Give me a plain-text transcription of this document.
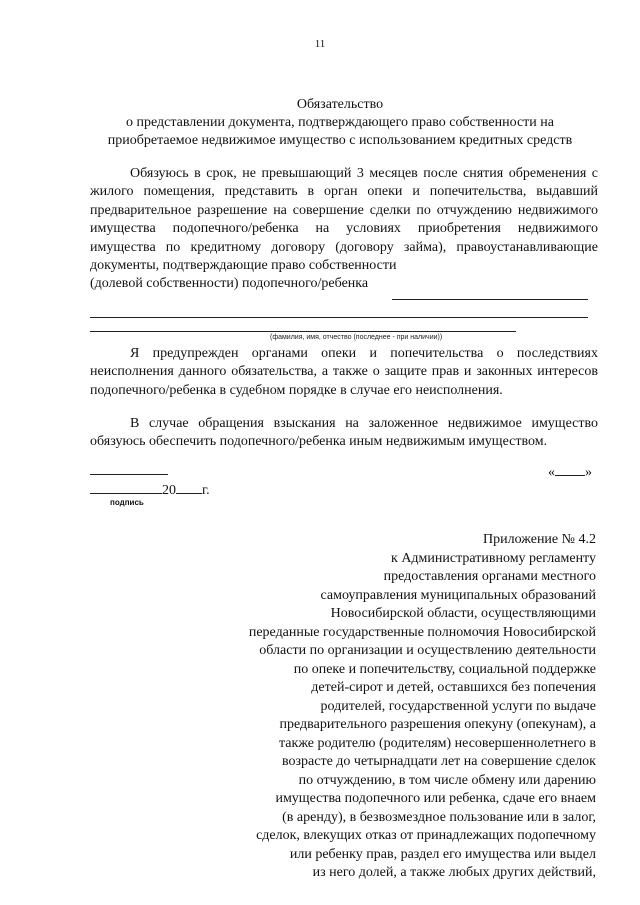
11
Обязательство
о представлении документа, подтверждающего право собственности на
приобретаемое недвижимое имущество с использованием кредитных средств
Обязуюсь в срок, не превышающий 3 месяцев после снятия обременения с жилого помещения, представить в орган опеки и попечительства, выдавший предварительное разрешение на совершение сделки по отчуждению недвижимого имущества подопечного/ребенка на условиях приобретения недвижимого имущества по кредитному договору (договору займа), правоустанавливающие документы, подтверждающие право собственности
(долевой собственности) подопечного/ребенка
(фамилия, имя, отчество (последнее - при наличии))
Я предупрежден органами опеки и попечительства о последствиях неисполнения данного обязательства, а также о защите прав и законных интересов подопечного/ребенка в судебном порядке в случае его неисполнения.
В случае обращения взыскания на заложенное недвижимое имущество обязуюсь обеспечить подопечного/ребенка иным недвижимым имуществом.
« »
20 г.
подпись
Приложение № 4.2
к Административному регламенту
предоставления органами местного
самоуправления муниципальных образований
Новосибирской области, осуществляющими
переданные государственные полномочия Новосибирской
области по организации и осуществлению деятельности
по опеке и попечительству, социальной поддержке
детей-сирот и детей, оставшихся без попечения
родителей, государственной услуги по выдаче
предварительного разрешения опекуну (опекунам), а
также родителю (родителям) несовершеннолетнего в
возрасте до четырнадцати лет на совершение сделок
по отчуждению, в том числе обмену или дарению
имущества подопечного или ребенка, сдаче его внаем
(в аренду), в безвозмездное пользование или в залог,
сделок, влекущих отказ от принадлежащих подопечному
или ребенку прав, раздел его имущества или выдел
из него долей, а также любых других действий,
